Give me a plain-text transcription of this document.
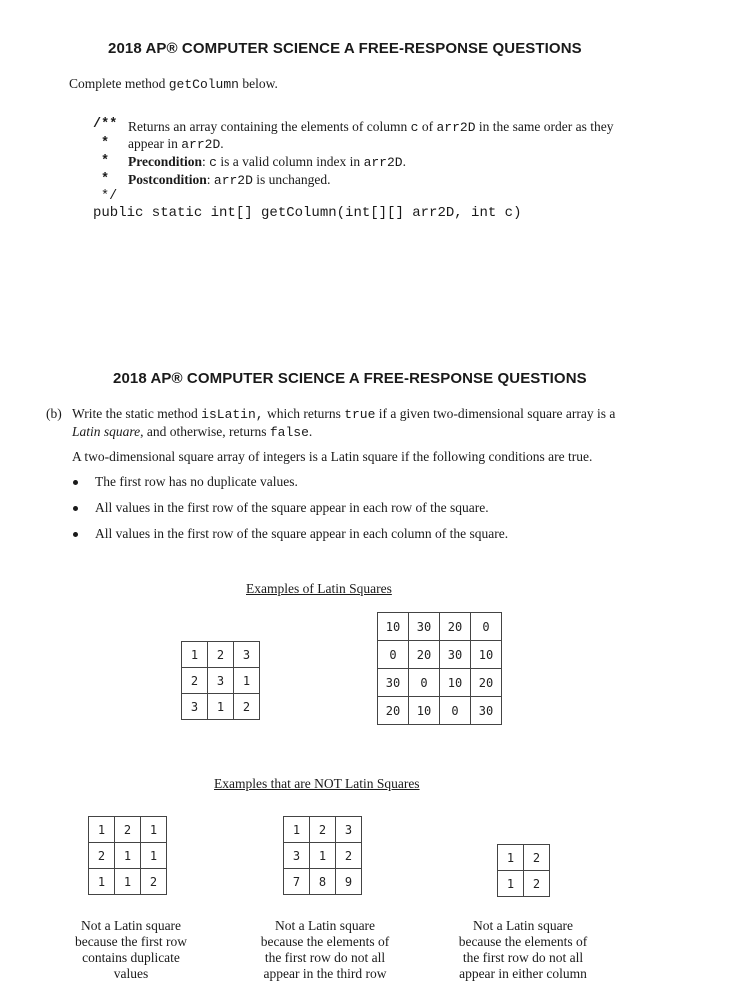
2018 AP® COMPUTER SCIENCE A FREE-RESPONSE QUESTIONS
Complete method getColumn below.
/** Returns an array containing the elements of column c of arr2D in the same order as they
* appear in arr2D.
* Precondition: c is a valid column index in arr2D.
* Postcondition: arr2D is unchanged.
*/
public static int[] getColumn(int[][] arr2D, int c)
2018 AP® COMPUTER SCIENCE A FREE-RESPONSE QUESTIONS
(b) Write the static method isLatin, which returns true if a given two-dimensional square array is a
Latin square, and otherwise, returns false.
A two-dimensional square array of integers is a Latin square if the following conditions are true.
The first row has no duplicate values.
All values in the first row of the square appear in each row of the square.
All values in the first row of the square appear in each column of the square.
Examples of Latin Squares
1	2	3
2	3	1
3	1	2
10	30	20	0
0	20	30	10
30	0	10	20
20	10	0	30
Examples that are NOT Latin Squares
1	2	1
2	1	1
1	1	2
1	2	3
3	1	2
7	8	9
1	2
1	2
Not a Latin square
because the first row
contains duplicate
values
Not a Latin square
because the elements of
the first row do not all
appear in the third row
Not a Latin square
because the elements of
the first row do not all
appear in either column
